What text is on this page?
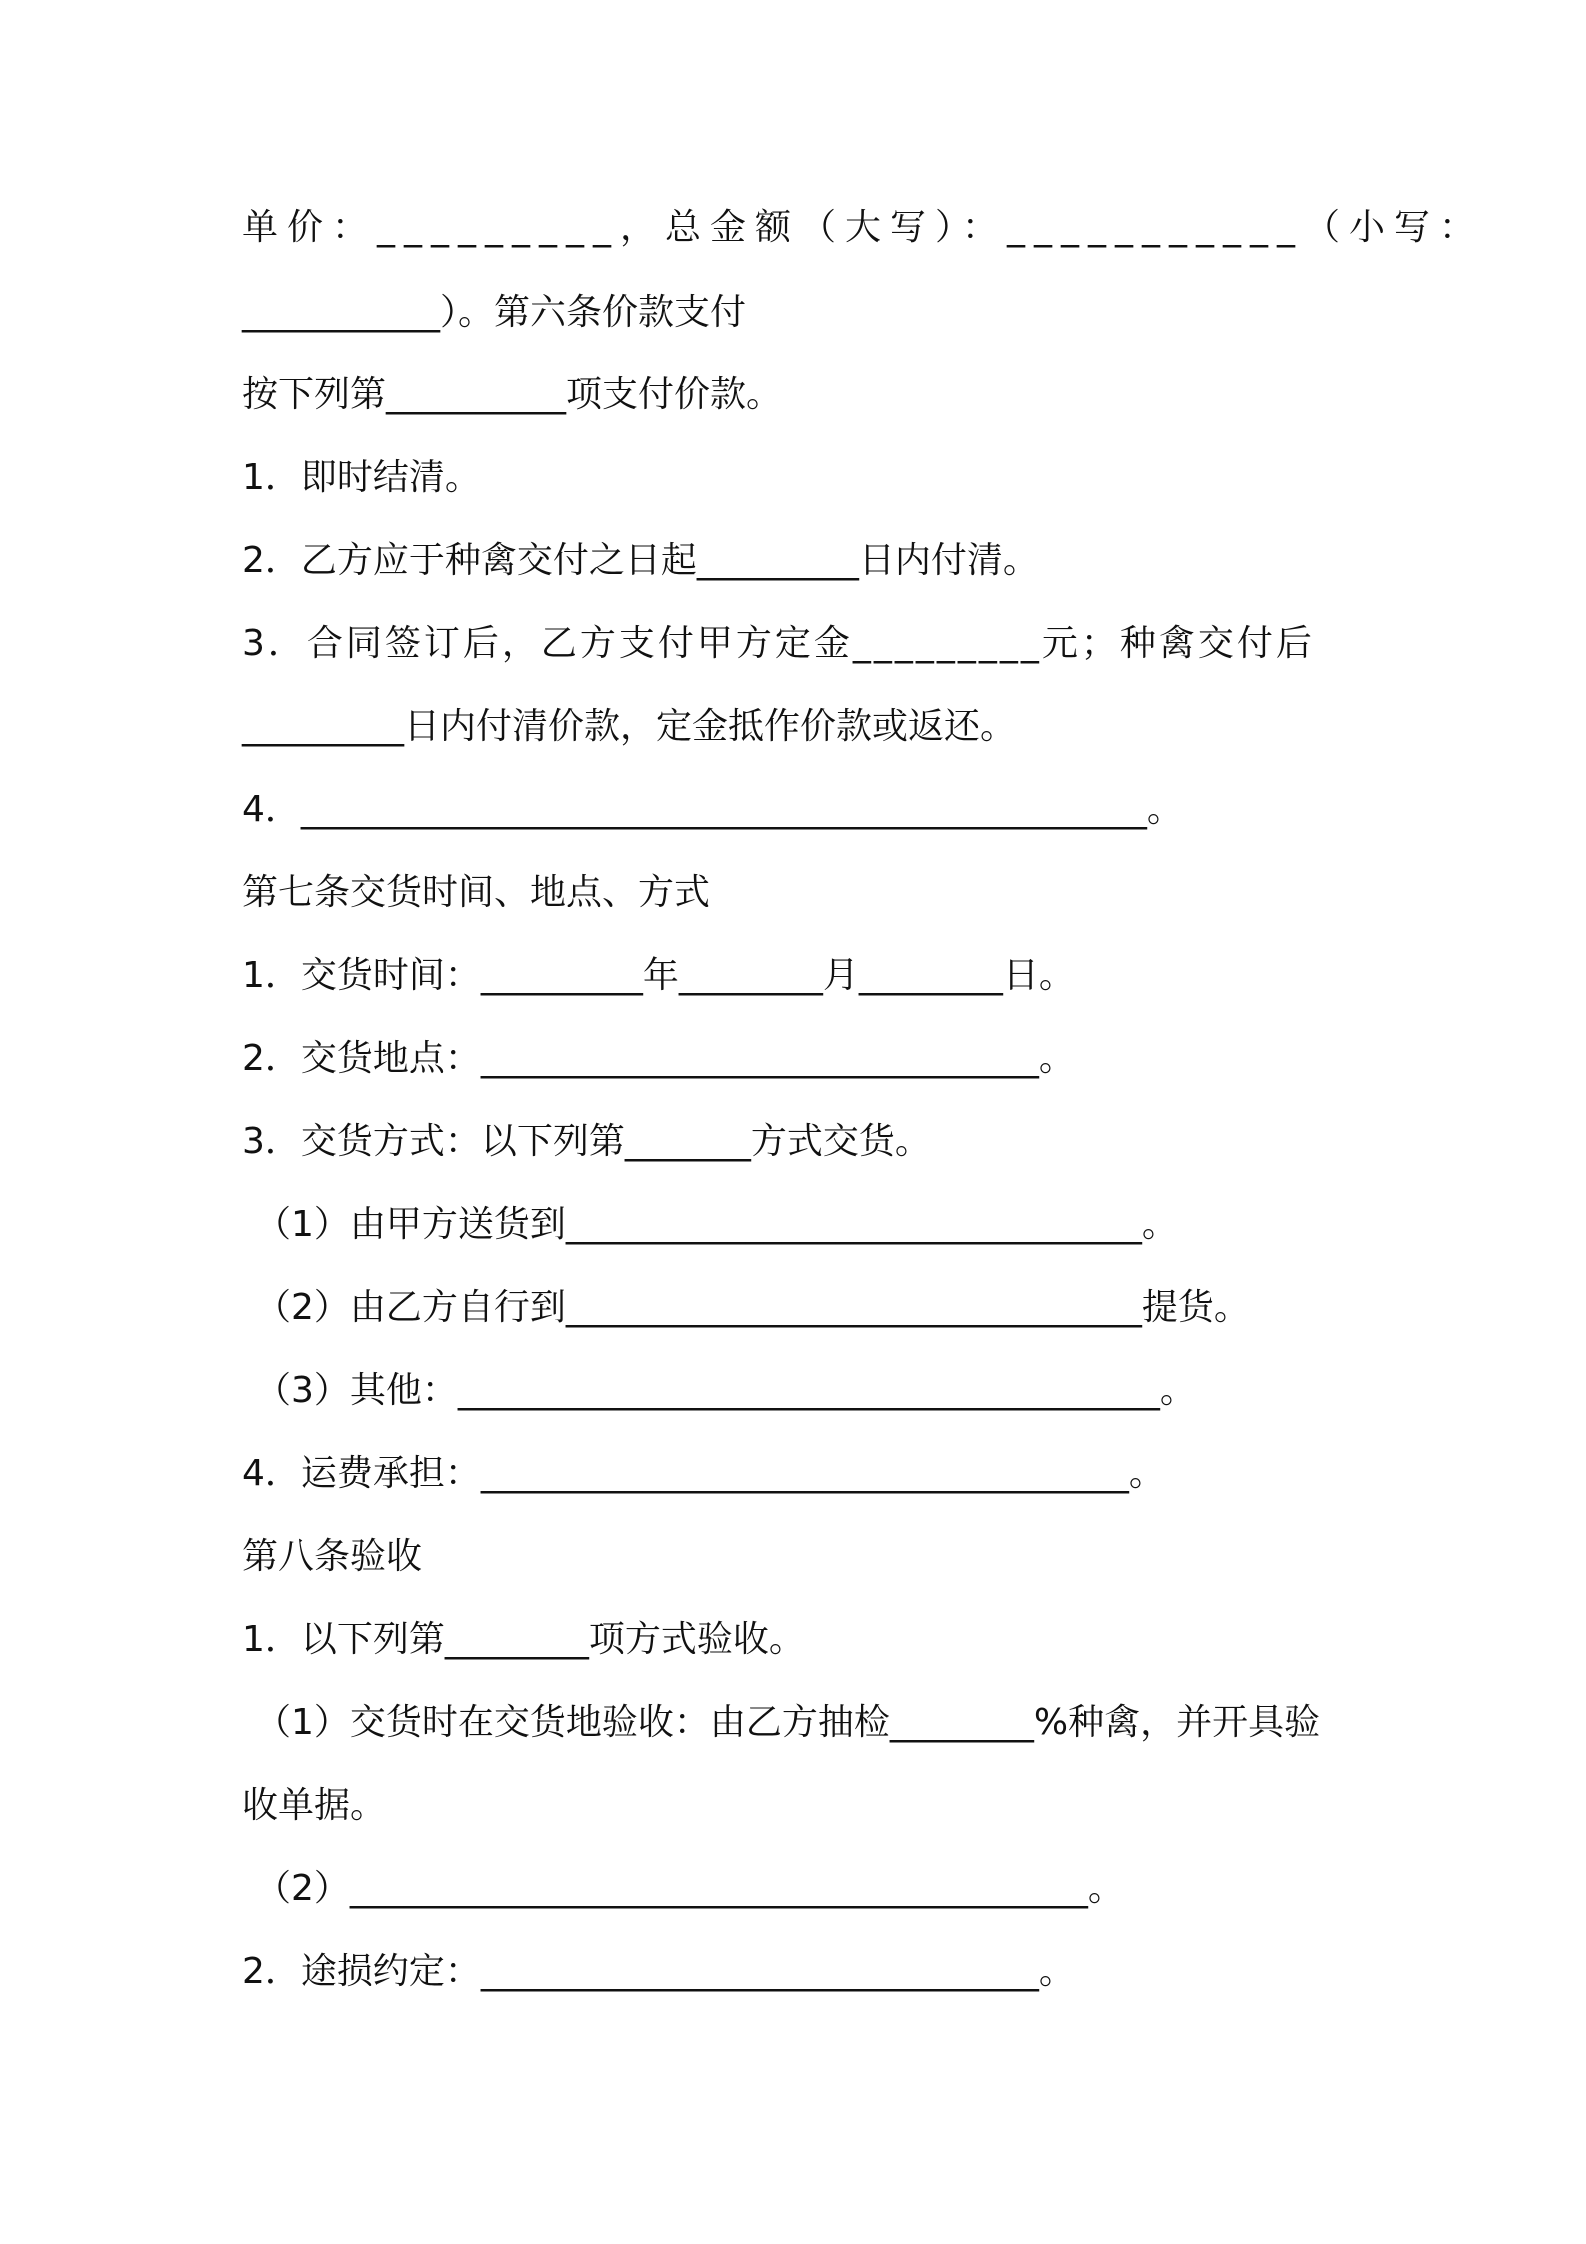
单价：_________，总金额（大写）：___________（小写：
___________）。第六条价款支付
按下列第__________项支付价款。
1．即时结清。
2．乙方应于种禽交付之日起_________日内付清。
3．合同签订后，乙方支付甲方定金_________元；种禽交付后
_________日内付清价款，定金抵作价款或返还。
4．_______________________________________________。
第七条交货时间、地点、方式
1．交货时间：_________年________月________日。
2．交货地点：_______________________________。
3．交货方式：以下列第_______方式交货。
（1）由甲方送货到________________________________。
（2）由乙方自行到________________________________提货。
（3）其他：_______________________________________。
4．运费承担：____________________________________。
第八条验收
1．以下列第________项方式验收。
（1）交货时在交货地验收：由乙方抽检________%种禽，并开具验
收单据。
（2）_________________________________________。
2．途损约定：_______________________________。
